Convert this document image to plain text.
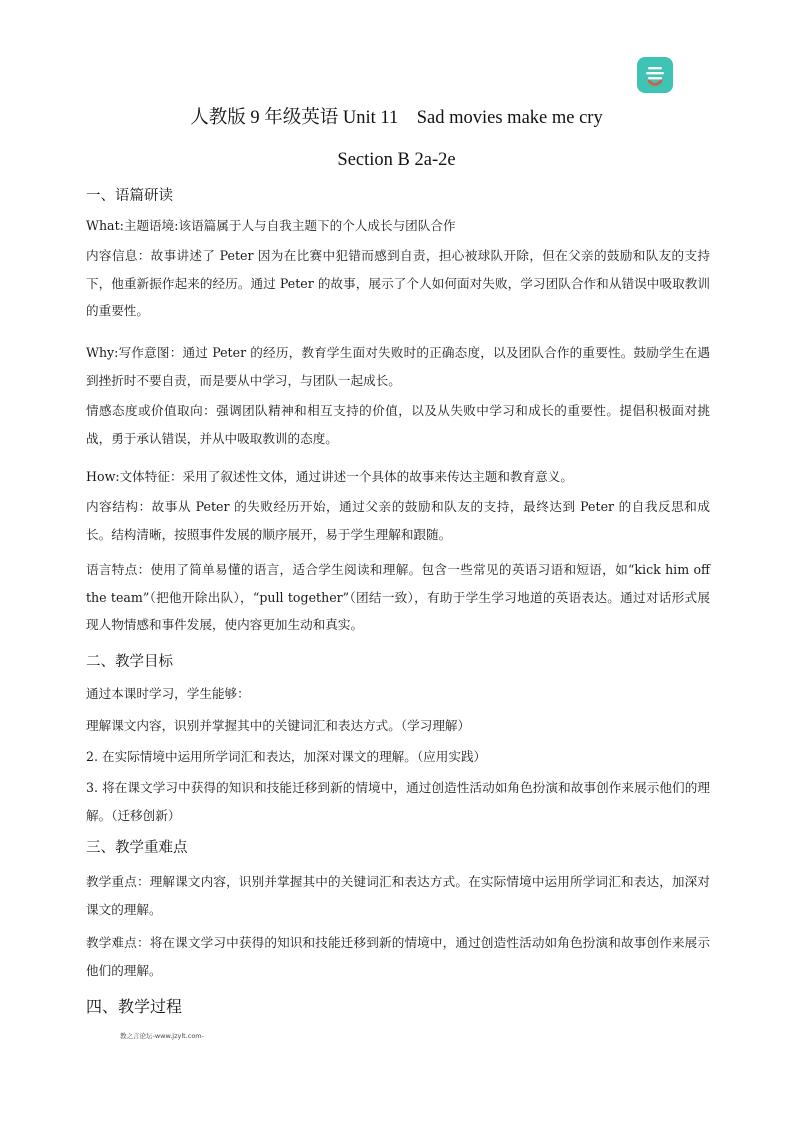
人教版 9 年级英语 Unit 11　Sad movies make me cry
Section B 2a-2e
一、语篇研读
What:主题语境:该语篇属于人与自我主题下的个人成长与团队合作
内容信息：故事讲述了 Peter 因为在比赛中犯错而感到自责，担心被球队开除，但在父亲的鼓励和队友的支持下，他重新振作起来的经历。通过 Peter 的故事，展示了个人如何面对失败，学习团队合作和从错误中吸取教训的重要性。
Why:写作意图：通过 Peter 的经历，教育学生面对失败时的正确态度，以及团队合作的重要性。鼓励学生在遇到挫折时不要自责，而是要从中学习，与团队一起成长。
情感态度或价值取向：强调团队精神和相互支持的价值，以及从失败中学习和成长的重要性。提倡积极面对挑战，勇于承认错误，并从中吸取教训的态度。
How:文体特征：采用了叙述性文体，通过讲述一个具体的故事来传达主题和教育意义。
内容结构：故事从 Peter 的失败经历开始，通过父亲的鼓励和队友的支持，最终达到 Peter 的自我反思和成长。结构清晰，按照事件发展的顺序展开，易于学生理解和跟随。
语言特点：使用了简单易懂的语言，适合学生阅读和理解。包含一些常见的英语习语和短语，如“kick him off the team”（把他开除出队），“pull together”（团结一致），有助于学生学习地道的英语表达。通过对话形式展现人物情感和事件发展，使内容更加生动和真实。
二、教学目标
通过本课时学习，学生能够：
理解课文内容，识别并掌握其中的关键词汇和表达方式。（学习理解）
2. 在实际情境中运用所学词汇和表达，加深对课文的理解。（应用实践）
3. 将在课文学习中获得的知识和技能迁移到新的情境中，通过创造性活动如角色扮演和故事创作来展示他们的理解。（迁移创新）
三、教学重难点
教学重点：理解课文内容，识别并掌握其中的关键词汇和表达方式。在实际情境中运用所学词汇和表达，加深对课文的理解。
教学难点：将在课文学习中获得的知识和技能迁移到新的情境中，通过创造性活动如角色扮演和故事创作来展示他们的理解。
四、教学过程
教之言论坛-www.jzylt.com-
